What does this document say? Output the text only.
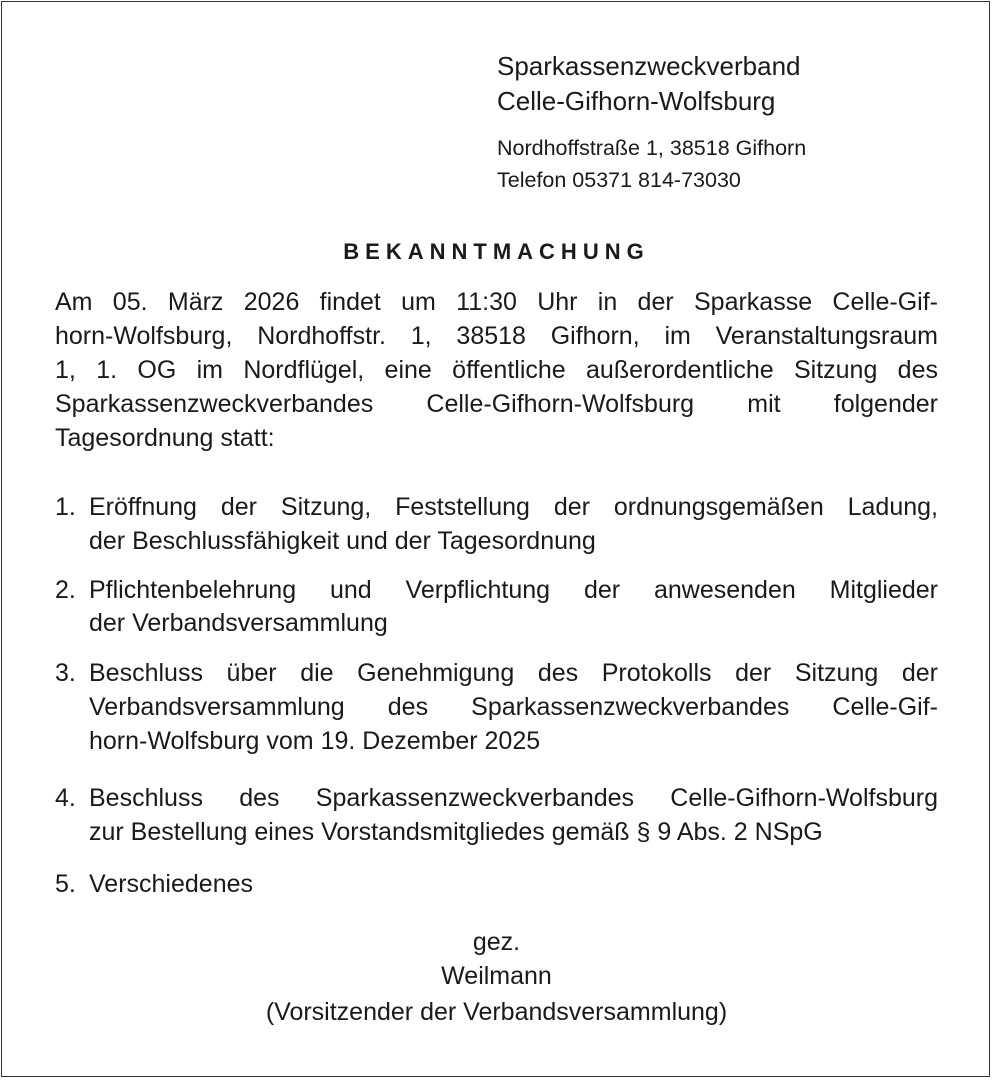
Sparkassenzweckverband
Celle-Gifhorn-Wolfsburg
Nordhoffstraße 1, 38518 Gifhorn
Telefon 05371 814-73030
BEKANNTMACHUNG
Am 05. März 2026 findet um 11:30 Uhr in der Sparkasse Celle-Gif-
horn-Wolfsburg, Nordhoffstr. 1, 38518 Gifhorn, im Veranstaltungsraum
1, 1. OG im Nordflügel, eine öffentliche außerordentliche Sitzung des
Sparkassenzweckverbandes Celle-Gifhorn-Wolfsburg mit folgender
Tagesordnung statt:
1. Eröffnung der Sitzung, Feststellung der ordnungsgemäßen Ladung,
der Beschlussfähigkeit und der Tagesordnung
2. Pflichtenbelehrung und Verpflichtung der anwesenden Mitglieder
der Verbandsversammlung
3. Beschluss über die Genehmigung des Protokolls der Sitzung der
Verbandsversammlung des Sparkassenzweckverbandes Celle-Gif-
horn-Wolfsburg vom 19. Dezember 2025
4. Beschluss des Sparkassenzweckverbandes Celle-Gifhorn-Wolfsburg
zur Bestellung eines Vorstandsmitgliedes gemäß § 9 Abs. 2 NSpG
5. Verschiedenes
gez.
Weilmann
(Vorsitzender der Verbandsversammlung)
